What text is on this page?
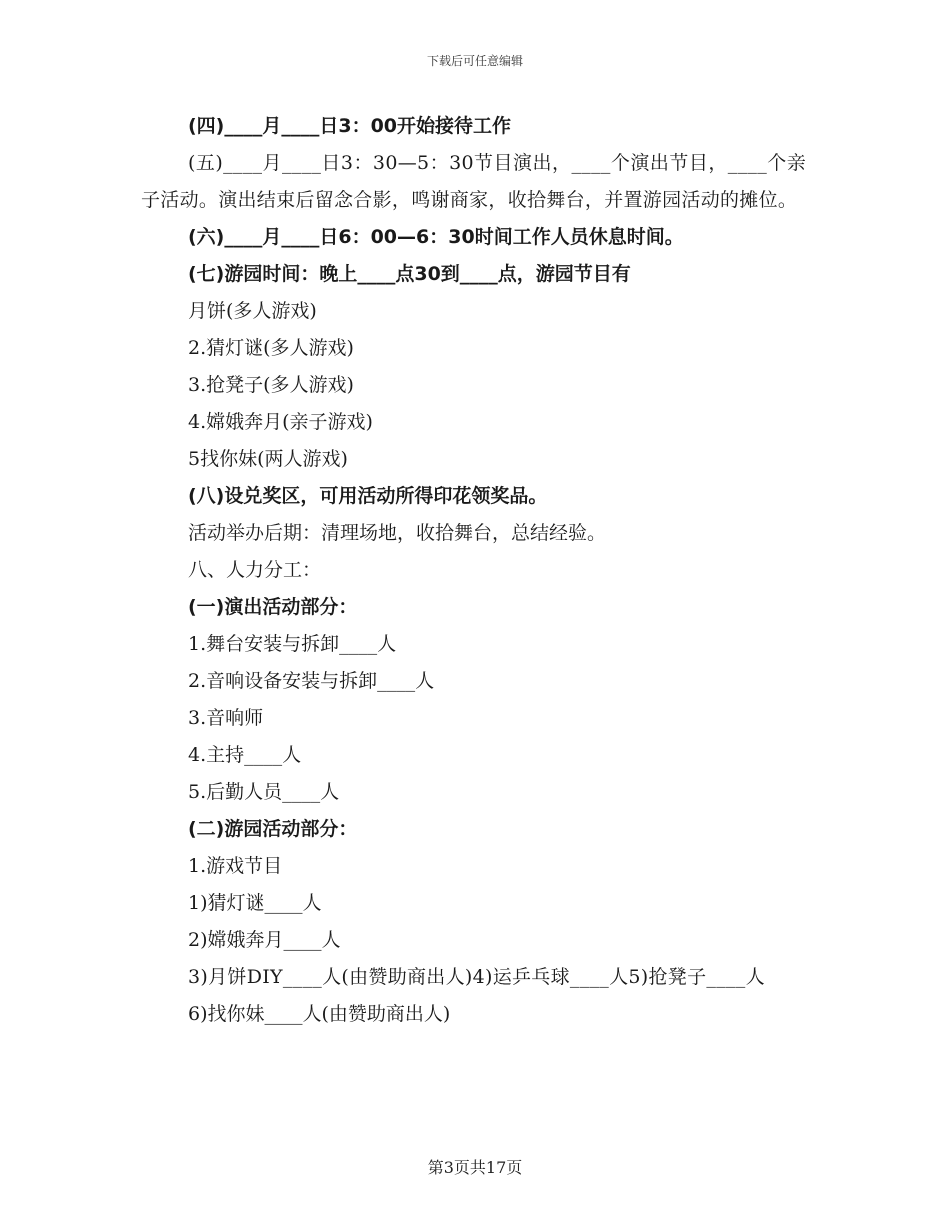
下载后可任意编辑
(四)____月____日3：00开始接待工作
(五)____月____日3：30—5：30节目演出，____个演出节目，____个亲子活动。演出结束后留念合影，鸣谢商家，收拾舞台，并置游园活动的摊位。
(六)____月____日6：00—6：30时间工作人员休息时间。
(七)游园时间：晚上____点30到____点，游园节目有
月饼(多人游戏)
2.猜灯谜(多人游戏)
3.抢凳子(多人游戏)
4.嫦娥奔月(亲子游戏)
5找你妹(两人游戏)
(八)设兑奖区，可用活动所得印花领奖品。
活动举办后期：清理场地，收拾舞台，总结经验。
八、人力分工：
(一)演出活动部分：
1.舞台安装与拆卸____人
2.音响设备安装与拆卸____人
3.音响师
4.主持____人
5.后勤人员____人
(二)游园活动部分：
1.游戏节目
1)猜灯谜____人
2)嫦娥奔月____人
3)月饼DIY____人(由赞助商出人)4)运乒乓球____人5)抢凳子____人
6)找你妹____人(由赞助商出人)
第3页共17页
